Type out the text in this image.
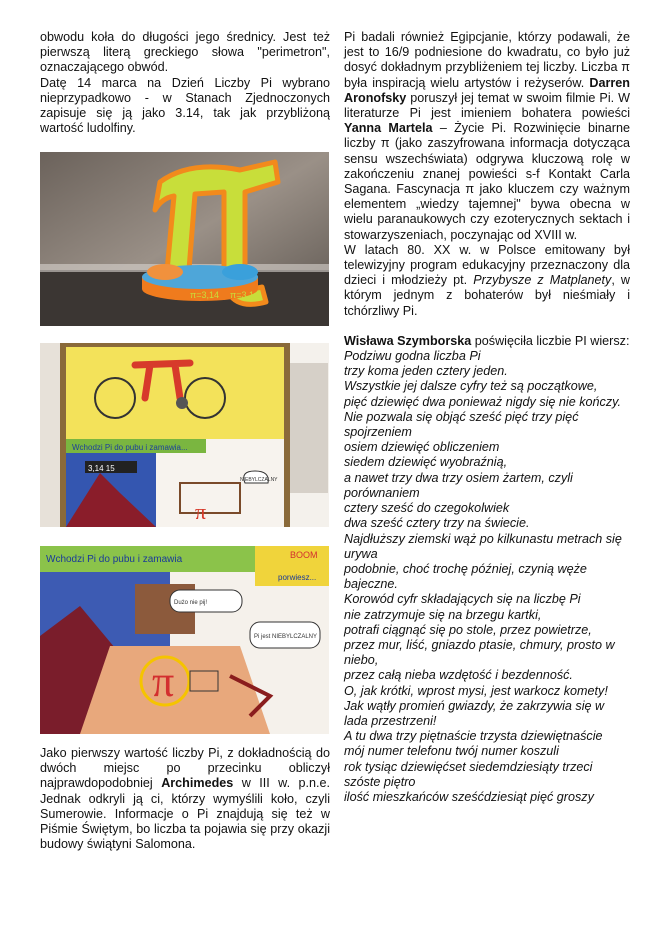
obwodu koła do długości jego średnicy. Jest też pierwszą literą greckiego słowa "perimetron", oznaczającego obwód.

Datę 14 marca na Dzień Liczby Pi wybrano nieprzypadkowo - w Stanach Zjednoczonych zapisuje się ją jako 3.14, tak jak przybliżoną wartość ludolfiny.

π=3,14 π=3,14
Wchodzi Pi do pubu i zamawia...
3,14 15
NIEBYLCZALNY
π
Wchodzi Pi do pubu i zamawia
porwiesz...
BOOM
Dużo nie pij!
Pi jest NIEBYLCZALNY
π

Jako pierwszy wartość liczby Pi, z dokładnością do dwóch miejsc po przecinku obliczył najprawdopodobniej Archimedes w III w. p.n.e. Jednak odkryli ją ci, którzy wymyślili koło, czyli Sumerowie. Informacje o Pi znajdują się też w Piśmie Świętym, bo liczba ta pojawia się przy okazji budowy świątyni Salomona.

Pi badali również Egipcjanie, którzy podawali, że jest to 16/9 podniesione do kwadratu, co było już dosyć dokładnym przybliżeniem tej liczby. Liczba π była inspiracją wielu artystów i reżyserów. Darren Aronofsky poruszył jej temat w swoim filmie Pi. W literaturze Pi jest imieniem bohatera powieści Yanna Martela – Życie Pi. Rozwinięcie binarne liczby π (jako zaszyfrowana informacja dotycząca sensu wszechświata) odgrywa kluczową rolę w zakończeniu znanej powieści s-f Kontakt Carla Sagana. Fascynacja π jako kluczem czy ważnym elementem „wiedzy tajemnej" bywa obecna w wielu paranaukowych czy ezoterycznych sektach i stowarzyszeniach, poczynając od XVIII w.

W latach 80. XX w. w Polsce emitowany był telewizyjny program edukacyjny przeznaczony dla dzieci i młodzieży pt. Przybysze z Matplanety, w którym jednym z bohaterów był nieśmiały i tchórzliwy Pi.

Wisława Szymborska poświęciła liczbie PI wiersz:

Podziwu godna liczba Pi
trzy koma jeden cztery jeden.
Wszystkie jej dalsze cyfry też są początkowe,
pięć dziewięć dwa ponieważ nigdy się nie kończy.
Nie pozwala się objąć sześć pięć trzy pięć spojrzeniem
osiem dziewięć obliczeniem
siedem dziewięć wyobraźnią,
a nawet trzy dwa trzy osiem żartem, czyli porównaniem
cztery sześć do czegokolwiek
dwa sześć cztery trzy na świecie.
Najdłuższy ziemski wąż po kilkunastu metrach się urywa
podobnie, choć trochę później, czynią węże bajeczne.
Korowód cyfr składających się na liczbę Pi
nie zatrzymuje się na brzegu kartki,
potrafi ciągnąć się po stole, przez powietrze,
przez mur, liść, gniazdo ptasie, chmury, prosto w niebo,
przez całą nieba wzdętość i bezdenność.
O, jak krótki, wprost mysi, jest warkocz komety!
Jak wątły promień gwiazdy, że zakrzywia się w lada przestrzeni!
A tu dwa trzy piętnaście trzysta dziewiętnaście
mój numer telefonu twój numer koszuli
rok tysiąc dziewięćset siedemdziesiąty trzeci szóste piętro
ilość mieszkańców sześćdziesiąt pięć groszy
